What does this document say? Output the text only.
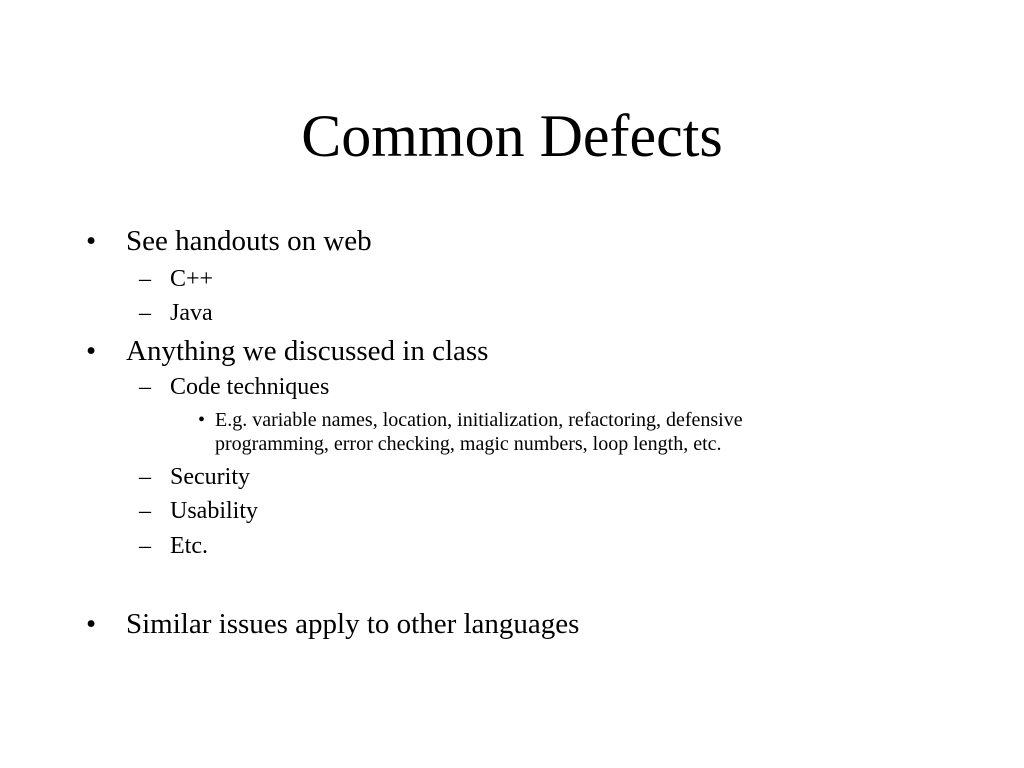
Common Defects
• See handouts on web
– C++
– Java
• Anything we discussed in class
– Code techniques
• E.g. variable names, location, initialization, refactoring, defensive
programming, error checking, magic numbers, loop length, etc.
– Security
– Usability
– Etc.
• Similar issues apply to other languages
